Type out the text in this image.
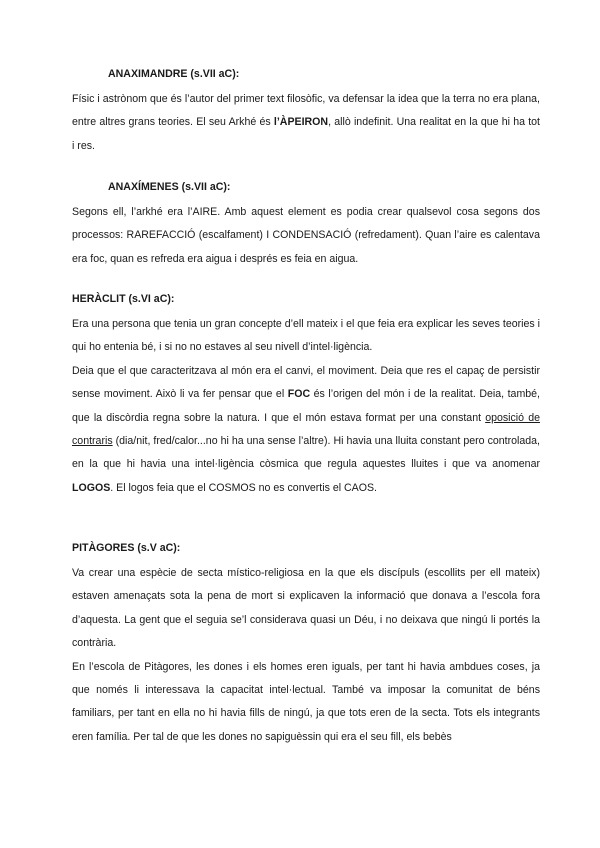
ANAXIMANDRE (s.VII aC):

Físic i astrònom que és l’autor del primer text filosòfic, va defensar la idea que la terra no era plana, entre altres grans teories. El seu Arkhé és l’ÀPEIRON, allò indefinit. Una realitat en la que hi ha tot i res.

ANAXÍMENES (s.VII aC):

Segons ell, l’arkhé era l’AIRE. Amb aquest element es podia crear qualsevol cosa segons dos processos: RAREFACCIÓ (escalfament) I CONDENSACIÓ (refredament). Quan l’aire es calentava era foc, quan es refreda era aigua i després es feia en aigua.

HERÀCLIT (s.VI aC):

Era una persona que tenia un gran concepte d’ell mateix i el que feia era explicar les seves teories i qui ho entenia bé, i si no no estaves al seu nivell d’intel·ligència.

Deia que el que caracteritzava al món era el canvi, el moviment. Deia que res el capaç de persistir sense moviment. Això li va fer pensar que el FOC és l’origen del món i de la realitat. Deia, també, que la discòrdia regna sobre la natura. I que el món estava format per una constant oposició de contraris (dia/nit, fred/calor...no hi ha una sense l’altre). Hi havia una lluita constant pero controlada, en la que hi havia una intel·ligència còsmica que regula aquestes lluites i que va anomenar LOGOS. El logos feia que el COSMOS no es convertis el CAOS.

PITÀGORES (s.V aC):

Va crear una espècie de secta místico-religiosa en la que els discípuls (escollits per ell mateix) estaven amenaçats sota la pena de mort si explicaven la informació que donava a l’escola fora d’aquesta. La gent que el seguia se’l considerava quasi un Déu, i no deixava que ningú li portés la contrària.

En l’escola de Pitàgores, les dones i els homes eren iguals, per tant hi havia ambdues coses, ja que només li interessava la capacitat intel·lectual. També va imposar la comunitat de béns familiars, per tant en ella no hi havia fills de ningú, ja que tots eren de la secta. Tots els integrants eren família. Per tal de que les dones no sapiguèssin qui era el seu fill, els bebès
